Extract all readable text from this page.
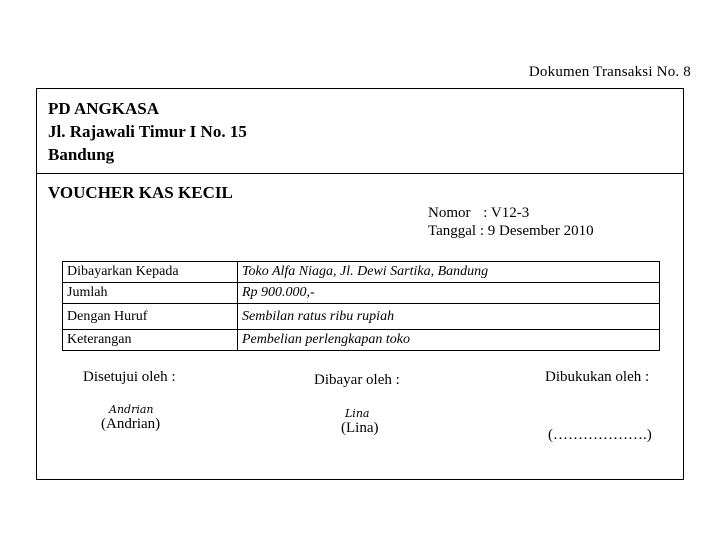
Dokumen Transaksi No. 8
PD ANGKASA
Jl. Rajawali Timur I No. 15
Bandung
VOUCHER KAS KECIL
Nomor : V12-3
Tanggal : 9 Desember 2010
Dibayarkan Kepada	Toko Alfa Niaga, Jl. Dewi Sartika, Bandung
Jumlah	Rp 900.000,-
Dengan Huruf	Sembilan ratus ribu rupiah
Keterangan	Pembelian perlengkapan toko
Disetujui oleh :
Andrian
(Andrian)
Dibayar oleh :
Lina
(Lina)
Dibukukan oleh :
(……………….)
